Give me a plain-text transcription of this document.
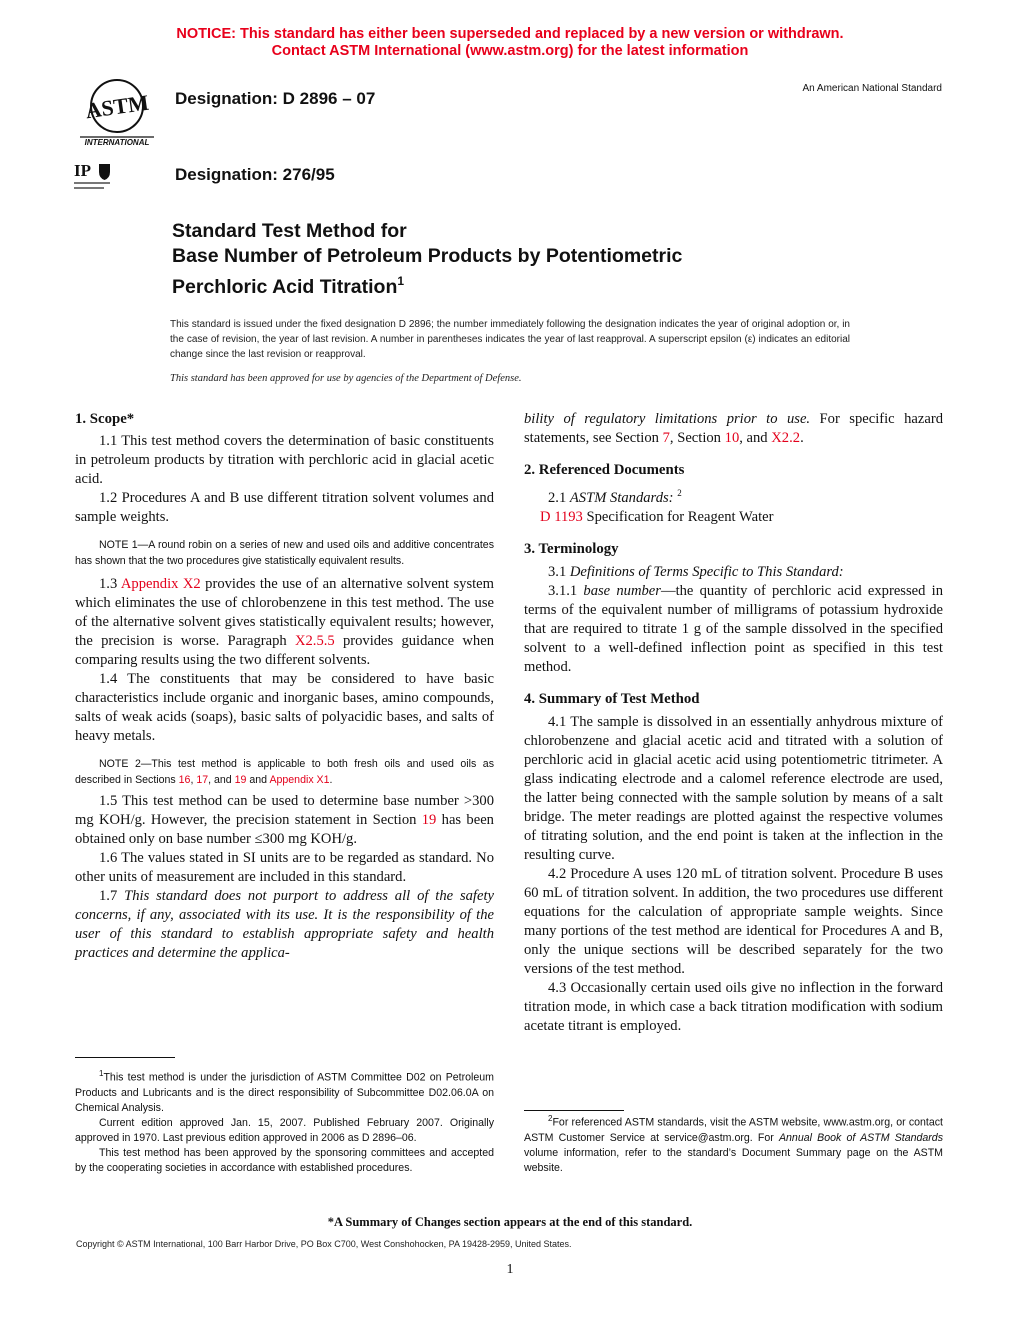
NOTICE: This standard has either been superseded and replaced by a new version or withdrawn.
Contact ASTM International (www.astm.org) for the latest information
ASTM
INTERNATIONAL
IP
Designation: D 2896 – 07
Designation: 276/95
An American National Standard
Standard Test Method for
Base Number of Petroleum Products by Potentiometric
Perchloric Acid Titration$^1$
This standard is issued under the fixed designation D 2896; the number immediately following the designation indicates the year of original adoption or, in the case of revision, the year of last revision. A number in parentheses indicates the year of last reapproval. A superscript epsilon (ε) indicates an editorial change since the last revision or reapproval.
This standard has been approved for use by agencies of the Department of Defense.
1. Scope*

1.1 This test method covers the determination of basic constituents in petroleum products by titration with perchloric acid in glacial acetic acid.

1.2 Procedures A and B use different titration solvent volumes and sample weights.

NOTE 1—A round robin on a series of new and used oils and additive concentrates has shown that the two procedures give statistically equivalent results.

1.3 Appendix X2 provides the use of an alternative solvent system which eliminates the use of chlorobenzene in this test method. The use of the alternative solvent gives statistically equivalent results; however, the precision is worse. Paragraph X2.5.5 provides guidance when comparing results using the two different solvents.

1.4 The constituents that may be considered to have basic characteristics include organic and inorganic bases, amino compounds, salts of weak acids (soaps), basic salts of polyacidic bases, and salts of heavy metals.

NOTE 2—This test method is applicable to both fresh oils and used oils as described in Sections 16, 17, and 19 and Appendix X1.

1.5 This test method can be used to determine base number >300 mg KOH/g. However, the precision statement in Section 19 has been obtained only on base number ≤300 mg KOH/g.

1.6 The values stated in SI units are to be regarded as standard. No other units of measurement are included in this standard.

1.7 This standard does not purport to address all of the safety concerns, if any, associated with its use. It is the responsibility of the user of this standard to establish appropriate safety and health practices and determine the applica-

$^1$This test method is under the jurisdiction of ASTM Committee D02 on Petroleum Products and Lubricants and is the direct responsibility of Subcommittee D02.06.0A on Chemical Analysis.

Current edition approved Jan. 15, 2007. Published February 2007. Originally approved in 1970. Last previous edition approved in 2006 as D 2896–06.

This test method has been approved by the sponsoring committees and accepted by the cooperating societies in accordance with established procedures.

bility of regulatory limitations prior to use. For specific hazard statements, see Section 7, Section 10, and X2.2.

2. Referenced Documents

2.1 ASTM Standards: $^2$

D 1193 Specification for Reagent Water

3. Terminology

3.1 Definitions of Terms Specific to This Standard:

3.1.1 base number—the quantity of perchloric acid expressed in terms of the equivalent number of milligrams of potassium hydroxide that are required to titrate 1 g of the sample dissolved in the specified solvent to a well-defined inflection point as specified in this test method.

4. Summary of Test Method

4.1 The sample is dissolved in an essentially anhydrous mixture of chlorobenzene and glacial acetic acid and titrated with a solution of perchloric acid in glacial acetic acid using potentiometric titrimeter. A glass indicating electrode and a calomel reference electrode are used, the latter being connected with the sample solution by means of a salt bridge. The meter readings are plotted against the respective volumes of titrating solution, and the end point is taken at the inflection in the resulting curve.

4.2 Procedure A uses 120 mL of titration solvent. Procedure B uses 60 mL of titration solvent. In addition, the two procedures use different equations for the calculation of appropriate sample weights. Since many portions of the test method are identical for Procedures A and B, only the unique sections will be described separately for the two versions of the test method.

4.3 Occasionally certain used oils give no inflection in the forward titration mode, in which case a back titration modification with sodium acetate titrant is employed.

$^2$For referenced ASTM standards, visit the ASTM website, www.astm.org, or contact ASTM Customer Service at service@astm.org. For Annual Book of ASTM Standards volume information, refer to the standard’s Document Summary page on the ASTM website.

*A Summary of Changes section appears at the end of this standard.
Copyright © ASTM International, 100 Barr Harbor Drive, PO Box C700, West Conshohocken, PA 19428-2959, United States.
1
